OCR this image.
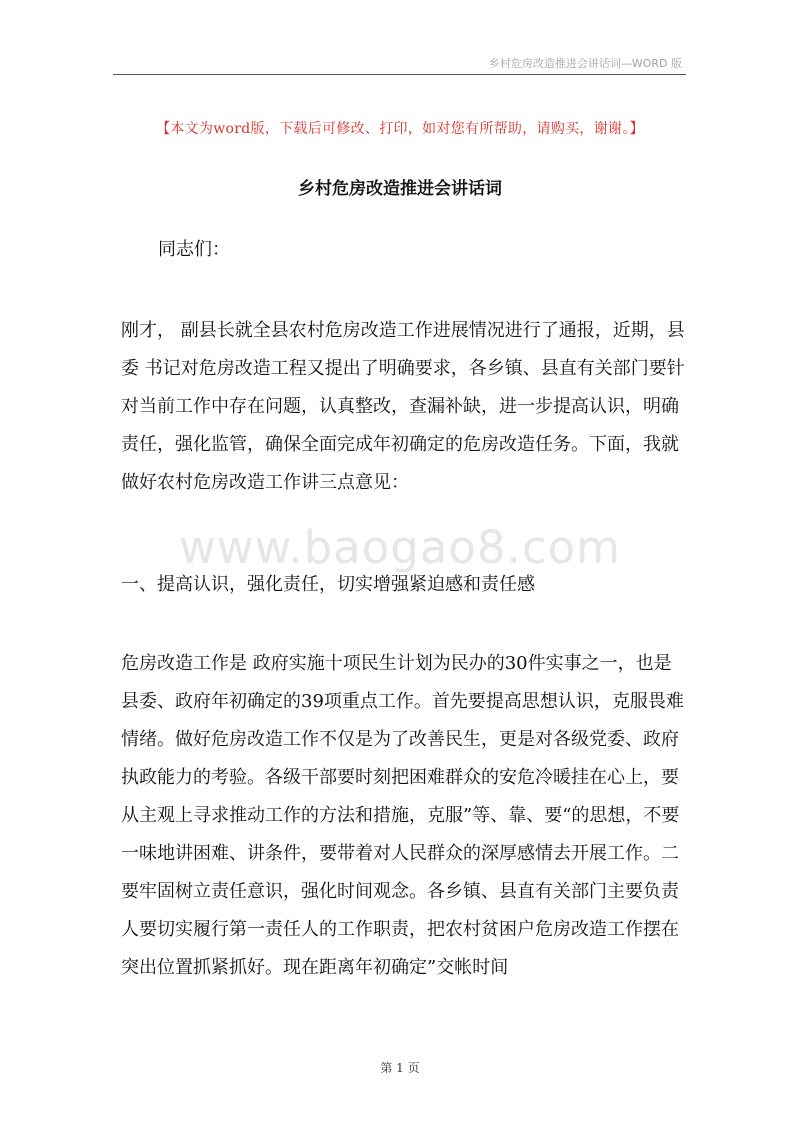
乡村危房改造推进会讲话词—WORD 版
www.baogao8.com
【本文为word版，下载后可修改、打印，如对您有所帮助，请购买，谢谢。】
乡村危房改造推进会讲话词
同志们：
刚才， 副县长就全县农村危房改造工作进展情况进行了通报，近期，县委 书记对危房改造工程又提出了明确要求，各乡镇、县直有关部门要针对当前工作中存在问题，认真整改，查漏补缺，进一步提高认识，明确责任，强化监管，确保全面完成年初确定的危房改造任务。下面，我就做好农村危房改造工作讲三点意见：
一、提高认识，强化责任，切实增强紧迫感和责任感
危房改造工作是 政府实施十项民生计划为民办的30件实事之一，也是县委、政府年初确定的39项重点工作。首先要提高思想认识，克服畏难情绪。做好危房改造工作不仅是为了改善民生，更是对各级党委、政府执政能力的考验。各级干部要时刻把困难群众的安危冷暖挂在心上，要从主观上寻求推动工作的方法和措施，克服”等、靠、要“的思想，不要一味地讲困难、讲条件，要带着对人民群众的深厚感情去开展工作。二要牢固树立责任意识，强化时间观念。各乡镇、县直有关部门主要负责人要切实履行第一责任人的工作职责，把农村贫困户危房改造工作摆在突出位置抓紧抓好。现在距离年初确定”交帐时间
第 1 页
